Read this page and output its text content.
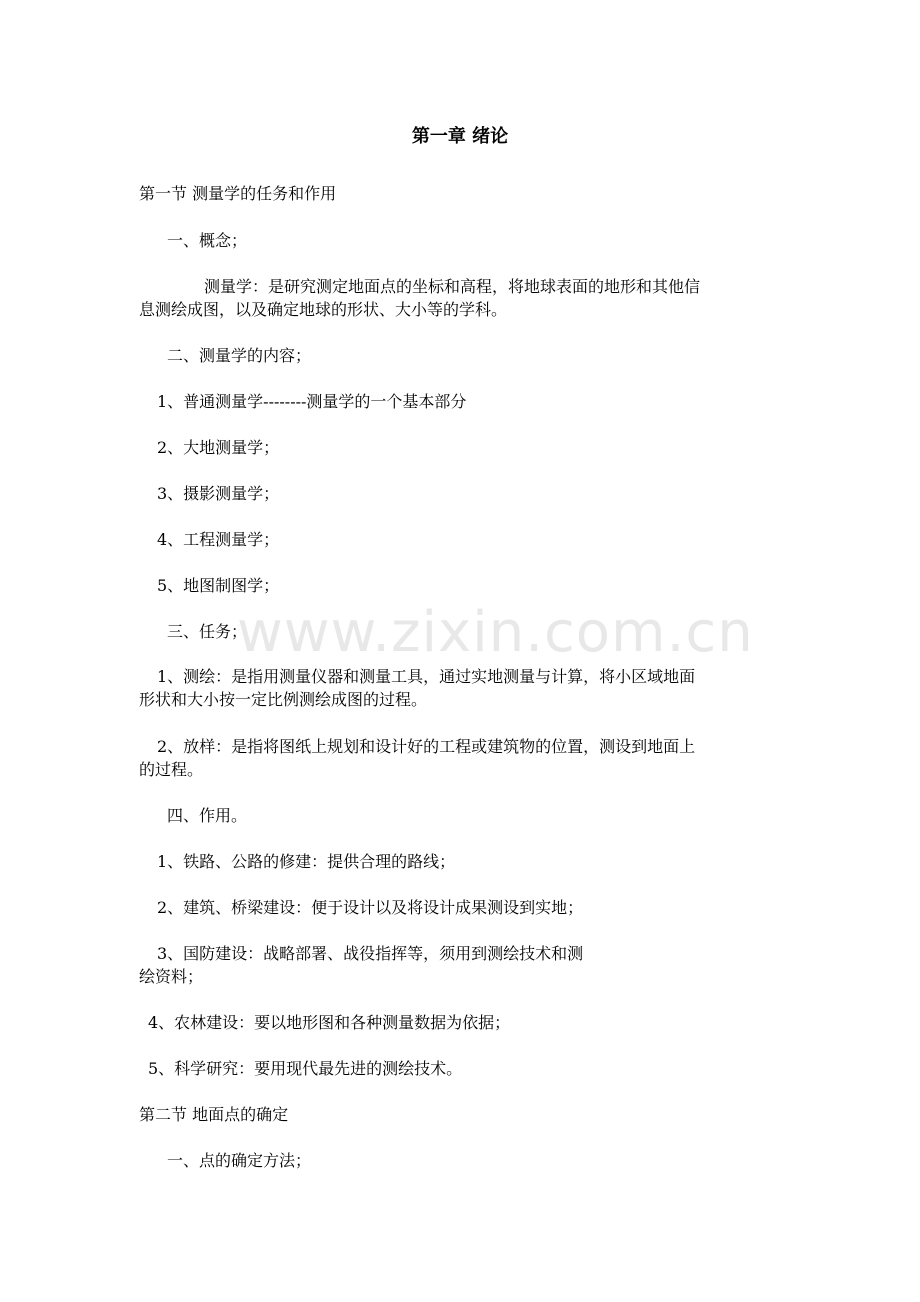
www.zixin.com.cn
第一章 绪论
第一节 测量学的任务和作用
一、概念；
测量学：是研究测定地面点的坐标和高程，将地球表面的地形和其他信
息测绘成图，以及确定地球的形状、大小等的学科。
二、测量学的内容；
1、普通测量学--------测量学的一个基本部分
2、大地测量学；
3、摄影测量学；
4、工程测量学；
5、地图制图学；
三、任务；
1、测绘：是指用测量仪器和测量工具，通过实地测量与计算，将小区域地面
形状和大小按一定比例测绘成图的过程。
2、放样：是指将图纸上规划和设计好的工程或建筑物的位置，测设到地面上
的过程。
四、作用。
1、铁路、公路的修建：提供合理的路线；
2、建筑、桥梁建设：便于设计以及将设计成果测设到实地；
3、国防建设：战略部署、战役指挥等，须用到测绘技术和测
绘资料；
4、农林建设：要以地形图和各种测量数据为依据；
5、科学研究：要用现代最先进的测绘技术。
第二节 地面点的确定
一、点的确定方法；
